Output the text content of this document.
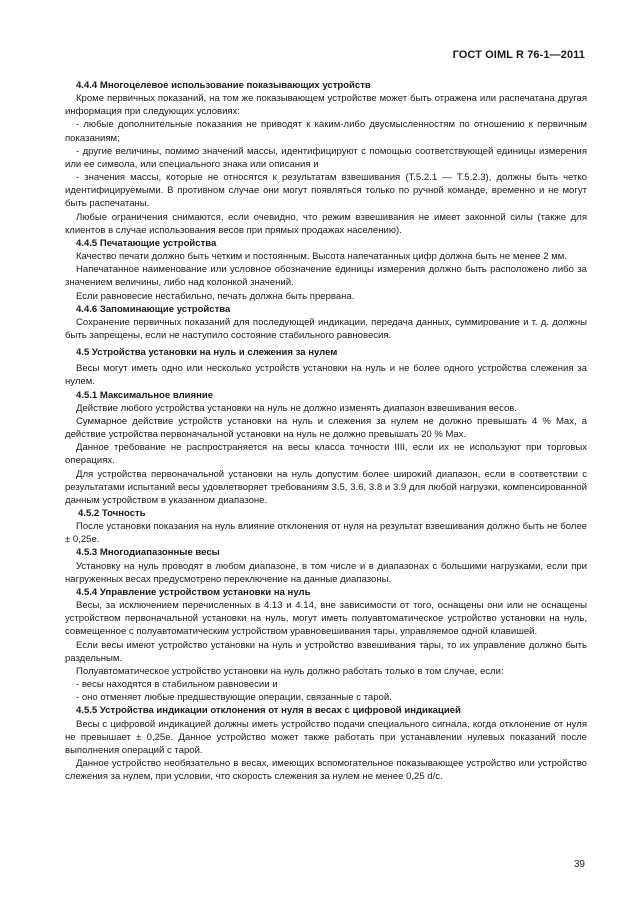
ГОСТ OIML R 76-1—2011

4.4.4 Многоцелевое использование показывающих устройств

Кроме первичных показаний, на том же показывающем устройстве может быть отражена или распечатана другая информация при следующих условиях:

- любые дополнительные показания не приводят к каким-либо двусмысленностям по отношению к первичным показаниям;

- другие величины, помимо значений массы, идентифицируют с помощью соответствующей единицы измерения или ее символа, или специального знака или описания и

- значения массы, которые не относятся к результатам взвешивания (Т.5.2.1 — Т.5.2.3), должны быть четко идентифицируемыми. В противном случае они могут появляться только по ручной команде, временно и не могут быть распечатаны.

Любые ограничения снимаются, если очевидно, что режим взвешивания не имеет законной силы (также для клиентов в случае использования весов при прямых продажах населению).

4.4.5 Печатающие устройства

Качество печати должно быть четким и постоянным. Высота напечатанных цифр должна быть не менее 2 мм.

Напечатанное наименование или условное обозначение единицы измерения должно быть расположено либо за значением величины, либо над колонкой значений.

Если равновесие нестабильно, печать должна быть прервана.

4.4.6 Запоминающие устройства

Сохранение первичных показаний для последующей индикации, передача данных, суммирование и т. д. должны быть запрещены, если не наступило состояние стабильного равновесия.

4.5 Устройства установки на нуль и слежения за нулем

Весы могут иметь одно или несколько устройств установки на нуль и не более одного устройства слежения за нулем.

4.5.1 Максимальное влияние

Действие любого устройства установки на нуль не должно изменять диапазон взвешивания весов.

Суммарное действие устройств установки на нуль и слежения за нулем не должно превышать 4 % Max, а действие устройства первоначальной установки на нуль не должно превышать 20 % Max.

Данное требование не распространяется на весы класса точности IIII, если их не используют при торговых операциях.

Для устройства первоначальной установки на нуль допустим более широкий диапазон, если в соответствии с результатами испытаний весы удовлетворяет требованиям 3.5, 3.6, 3.8 и 3.9 для любой нагрузки, компенсированной данным устройством в указанном диапазоне.

4.5.2 Точность

После установки показания на нуль влияние отклонения от нуля на результат взвешивания должно быть не более ± 0,25e.

4.5.3 Многодиапазонные весы

Установку на нуль проводят в любом диапазоне, в том числе и в диапазонах с большими нагрузками, если при нагруженных весах предусмотрено переключение на данные диапазоны.

4.5.4 Управление устройством установки на нуль

Весы, за исключением перечисленных в 4.13 и 4.14, вне зависимости от того, оснащены они или не оснащены устройством первоначальной установки на нуль, могут иметь полуавтоматическое устройство установки на нуль, совмещенное с полуавтоматическим устройством уравновешивания тары, управляемое одной клавишей.

Если весы имеют устройство установки на нуль и устройство взвешивания тары, то их управление должно быть раздельным.

Полуавтоматическое устройство установки на нуль должно работать только в том случае, если:

- весы находятся в стабильном равновесии и

- оно отменяет любые предшествующие операции, связанные с тарой.

4.5.5 Устройства индикации отклонения от нуля в весах с цифровой индикацией

Весы с цифровой индикацией должны иметь устройство подачи специального сигнала, когда отклонение от нуля не превышает ± 0,25e. Данное устройство может также работать при устанавлении нулевых показаний после выполнения операций с тарой.

Данное устройство необязательно в весах, имеющих вспомогательное показывающее устройство или устройство слежения за нулем, при условии, что скорость слежения за нулем не менее 0,25 d/c.

39
